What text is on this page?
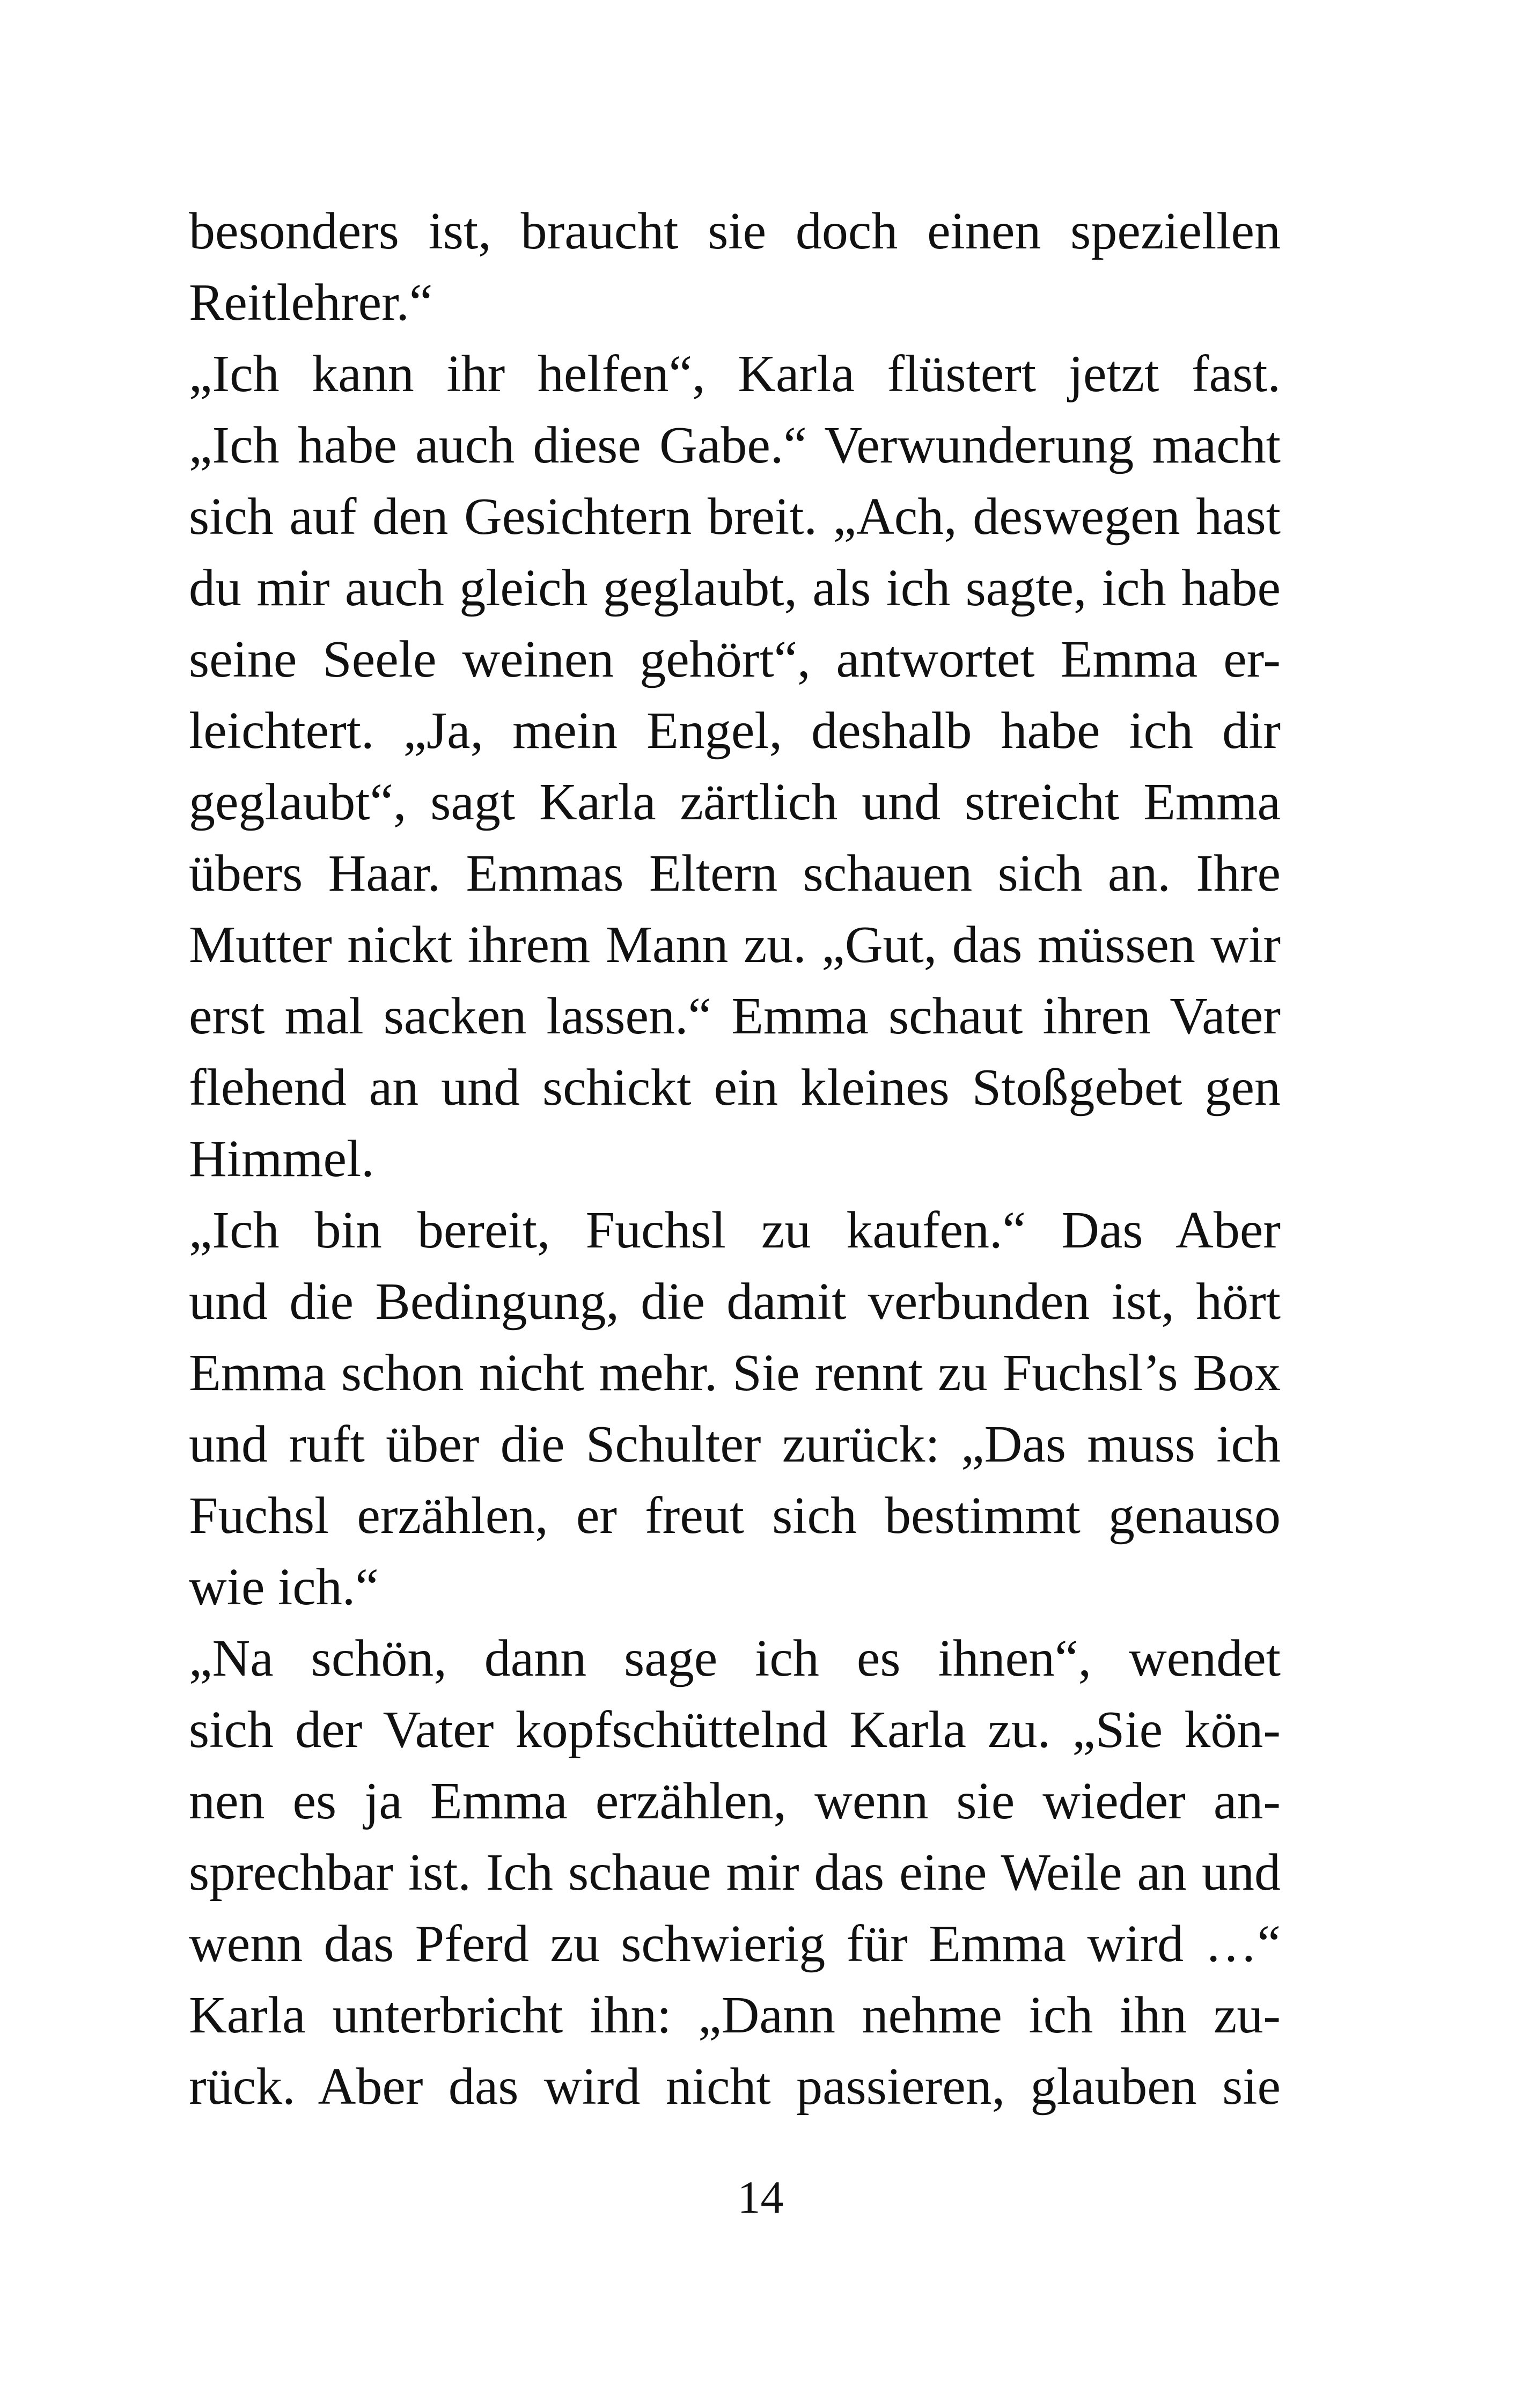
besonders ist, braucht sie doch einen speziellen
Reitlehrer.“
„Ich kann ihr helfen“, Karla flüstert jetzt fast.
„Ich habe auch diese Gabe.“ Verwunderung macht
sich auf den Gesichtern breit. „Ach, deswegen hast
du mir auch gleich geglaubt, als ich sagte, ich habe
seine Seele weinen gehört“, antwortet Emma er-
leichtert. „Ja, mein Engel, deshalb habe ich dir
geglaubt“, sagt Karla zärtlich und streicht Emma
übers Haar. Emmas Eltern schauen sich an. Ihre
Mutter nickt ihrem Mann zu. „Gut, das müssen wir
erst mal sacken lassen.“ Emma schaut ihren Vater
flehend an und schickt ein kleines Stoßgebet gen
Himmel.
„Ich bin bereit, Fuchsl zu kaufen.“ Das Aber
und die Bedingung, die damit verbunden ist, hört
Emma schon nicht mehr. Sie rennt zu Fuchsl’s Box
und ruft über die Schulter zurück: „Das muss ich
Fuchsl erzählen, er freut sich bestimmt genauso
wie ich.“
„Na schön, dann sage ich es ihnen“, wendet
sich der Vater kopfschüttelnd Karla zu. „Sie kön-
nen es ja Emma erzählen, wenn sie wieder an-
sprechbar ist. Ich schaue mir das eine Weile an und
wenn das Pferd zu schwierig für Emma wird …“
Karla unterbricht ihn: „Dann nehme ich ihn zu-
rück. Aber das wird nicht passieren, glauben sie
14
